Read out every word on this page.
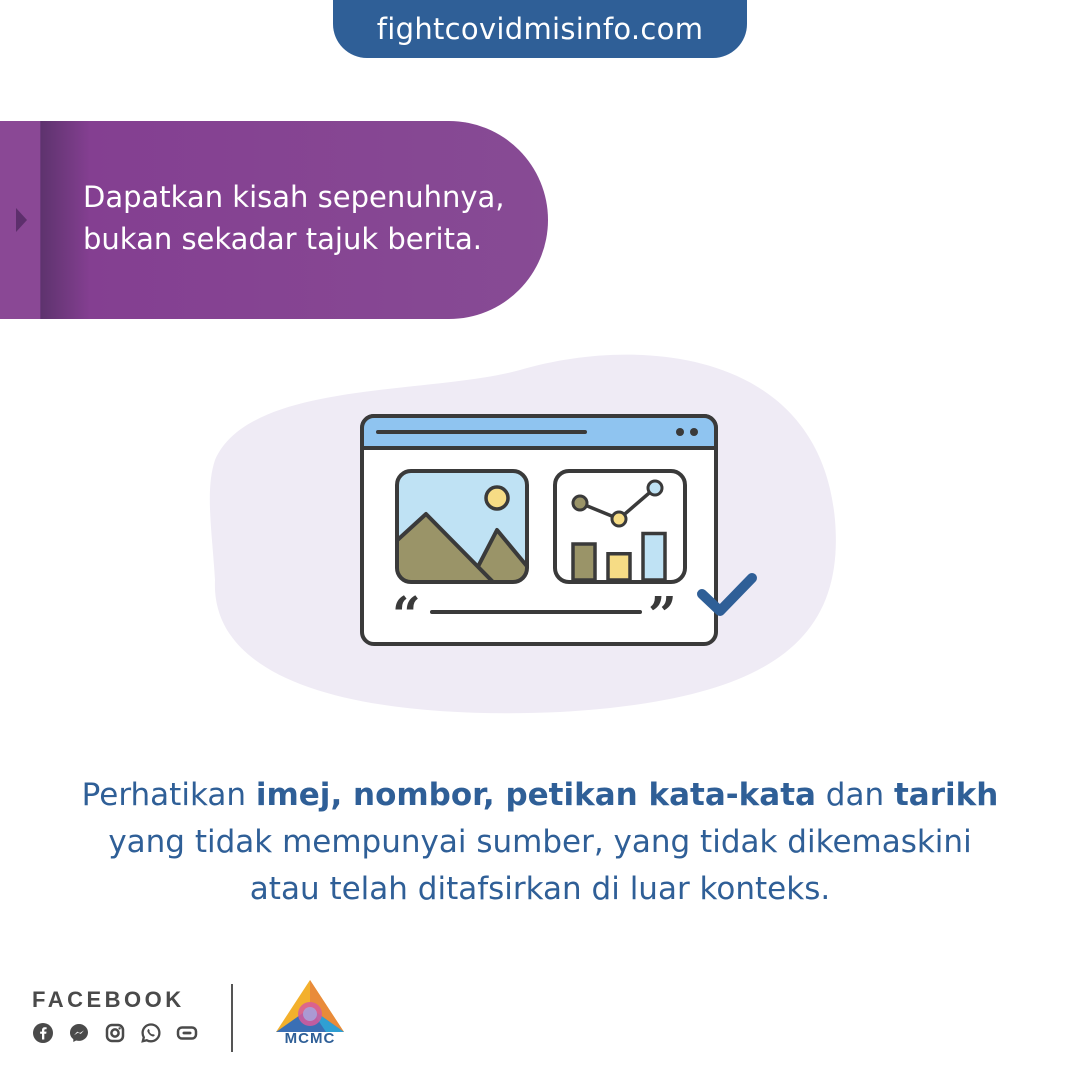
fightcovidmisinfo.com
Dapatkan kisah sepenuhnya,
bukan sekadar tajuk berita.
“	”
Perhatikan imej, nombor, petikan kata-kata dan tarikh
yang tidak mempunyai sumber, yang tidak dikemaskini
atau telah ditafsirkan di luar konteks.
FACEBOOK
MCMC
